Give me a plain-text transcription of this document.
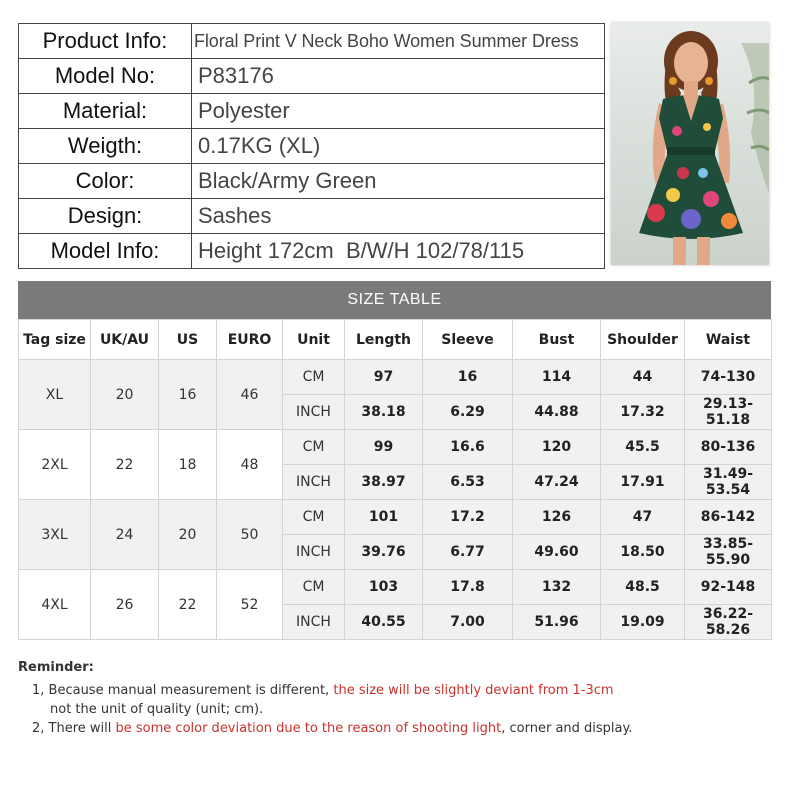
Product Info:	Floral Print V Neck Boho Women Summer Dress
Model No:	P83176
Material:	Polyester
Weigth:	0.17KG (XL)
Color:	Black/Army Green
Design:	Sashes
Model Info:	Height 172cm  B/W/H 102/78/115
SIZE TABLE
Tag size	UK/AU	US	EURO	Unit	Length	Sleeve	Bust	Shoulder	Waist
XL	20	16	46	CM	97	16	114	44	74-130
				INCH	38.18	6.29	44.88	17.32	29.13-51.18
2XL	22	18	48	CM	99	16.6	120	45.5	80-136
				INCH	38.97	6.53	47.24	17.91	31.49-53.54
3XL	24	20	50	CM	101	17.2	126	47	86-142
				INCH	39.76	6.77	49.60	18.50	33.85-55.90
4XL	26	22	52	CM	103	17.8	132	48.5	92-148
				INCH	40.55	7.00	51.96	19.09	36.22-58.26
Reminder:
1, Because manual measurement is different, the size will be slightly deviant from 1-3cm
not the unit of quality (unit; cm).
2, There will be some color deviation due to the reason of shooting light, corner and display.
